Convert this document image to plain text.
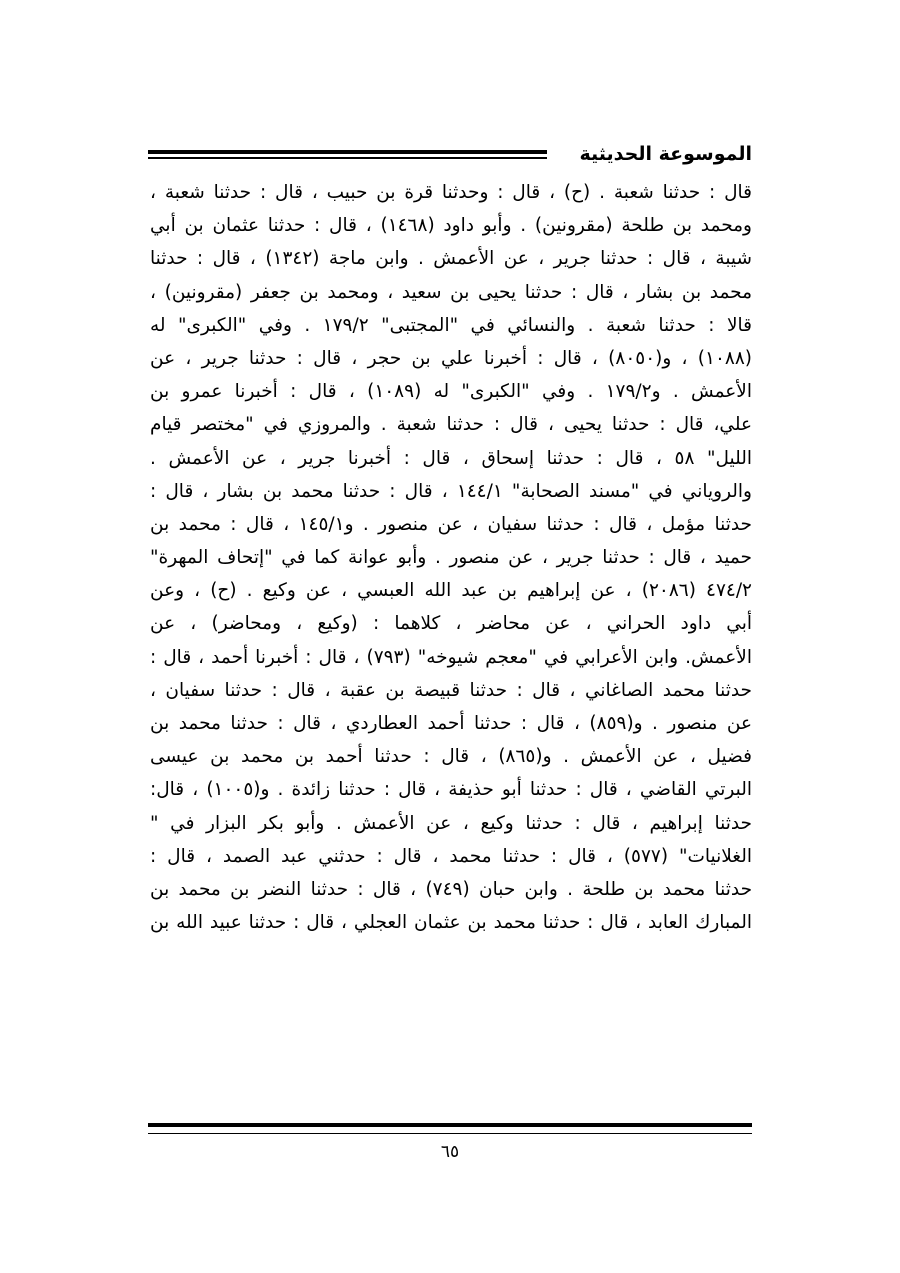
الموسوعة الحديثية
قال : حدثنا شعبة . (ح) ، قال : وحدثنا قرة بن حبيب ، قال : حدثنا شعبة ،
ومحمد بن طلحة (مقرونين) . وأبو داود (١٤٦٨) ، قال : حدثنا عثمان بن أبي
شيبة ، قال : حدثنا جرير ، عن الأعمش . وابن ماجة (١٣٤٢) ، قال : حدثنا
محمد بن بشار ، قال : حدثنا يحيى بن سعيد ، ومحمد بن جعفر (مقرونين) ،
قالا : حدثنا شعبة . والنسائي في "المجتبى" ١٧٩/٢ . وفي "الكبرى" له
(١٠٨٨) ، و(٨٠٥٠) ، قال : أخبرنا علي بن حجر ، قال : حدثنا جرير ، عن
الأعمش . و١٧٩/٢ . وفي "الكبرى" له (١٠٨٩) ، قال : أخبرنا عمرو بن
علي، قال : حدثنا يحيى ، قال : حدثنا شعبة . والمروزي في "مختصر قيام
الليل" ٥٨ ، قال : حدثنا إسحاق ، قال : أخبرنا جرير ، عن الأعمش .
والروياني في "مسند الصحابة" ١٤٤/١ ، قال : حدثنا محمد بن بشار ، قال :
حدثنا مؤمل ، قال : حدثنا سفيان ، عن منصور . و١٤٥/١ ، قال : محمد بن
حميد ، قال : حدثنا جرير ، عن منصور . وأبو عوانة كما في "إتحاف المهرة"
٤٧٤/٢ (٢٠٨٦) ، عن إبراهيم بن عبد الله العبسي ، عن وكيع . (ح) ، وعن
أبي داود الحراني ، عن محاضر ، كلاهما : (وكيع ، ومحاضر) ، عن
الأعمش. وابن الأعرابي في "معجم شيوخه" (٧٩٣) ، قال : أخبرنا أحمد ، قال :
حدثنا محمد الصاغاني ، قال : حدثنا قبيصة بن عقبة ، قال : حدثنا سفيان ،
عن منصور . و(٨٥٩) ، قال : حدثنا أحمد العطاردي ، قال : حدثنا محمد بن
فضيل ، عن الأعمش . و(٨٦٥) ، قال : حدثنا أحمد بن محمد بن عيسى
البرتي القاضي ، قال : حدثنا أبو حذيفة ، قال : حدثنا زائدة . و(١٠٠٥) ، قال:
حدثنا إبراهيم ، قال : حدثنا وكيع ، عن الأعمش . وأبو بكر البزار في "
الغلانيات" (٥٧٧) ، قال : حدثنا محمد ، قال : حدثني عبد الصمد ، قال :
حدثنا محمد بن طلحة . وابن حبان (٧٤٩) ، قال : حدثنا النضر بن محمد بن
المبارك العابد ، قال : حدثنا محمد بن عثمان العجلي ، قال : حدثنا عبيد الله بن
٦٥
